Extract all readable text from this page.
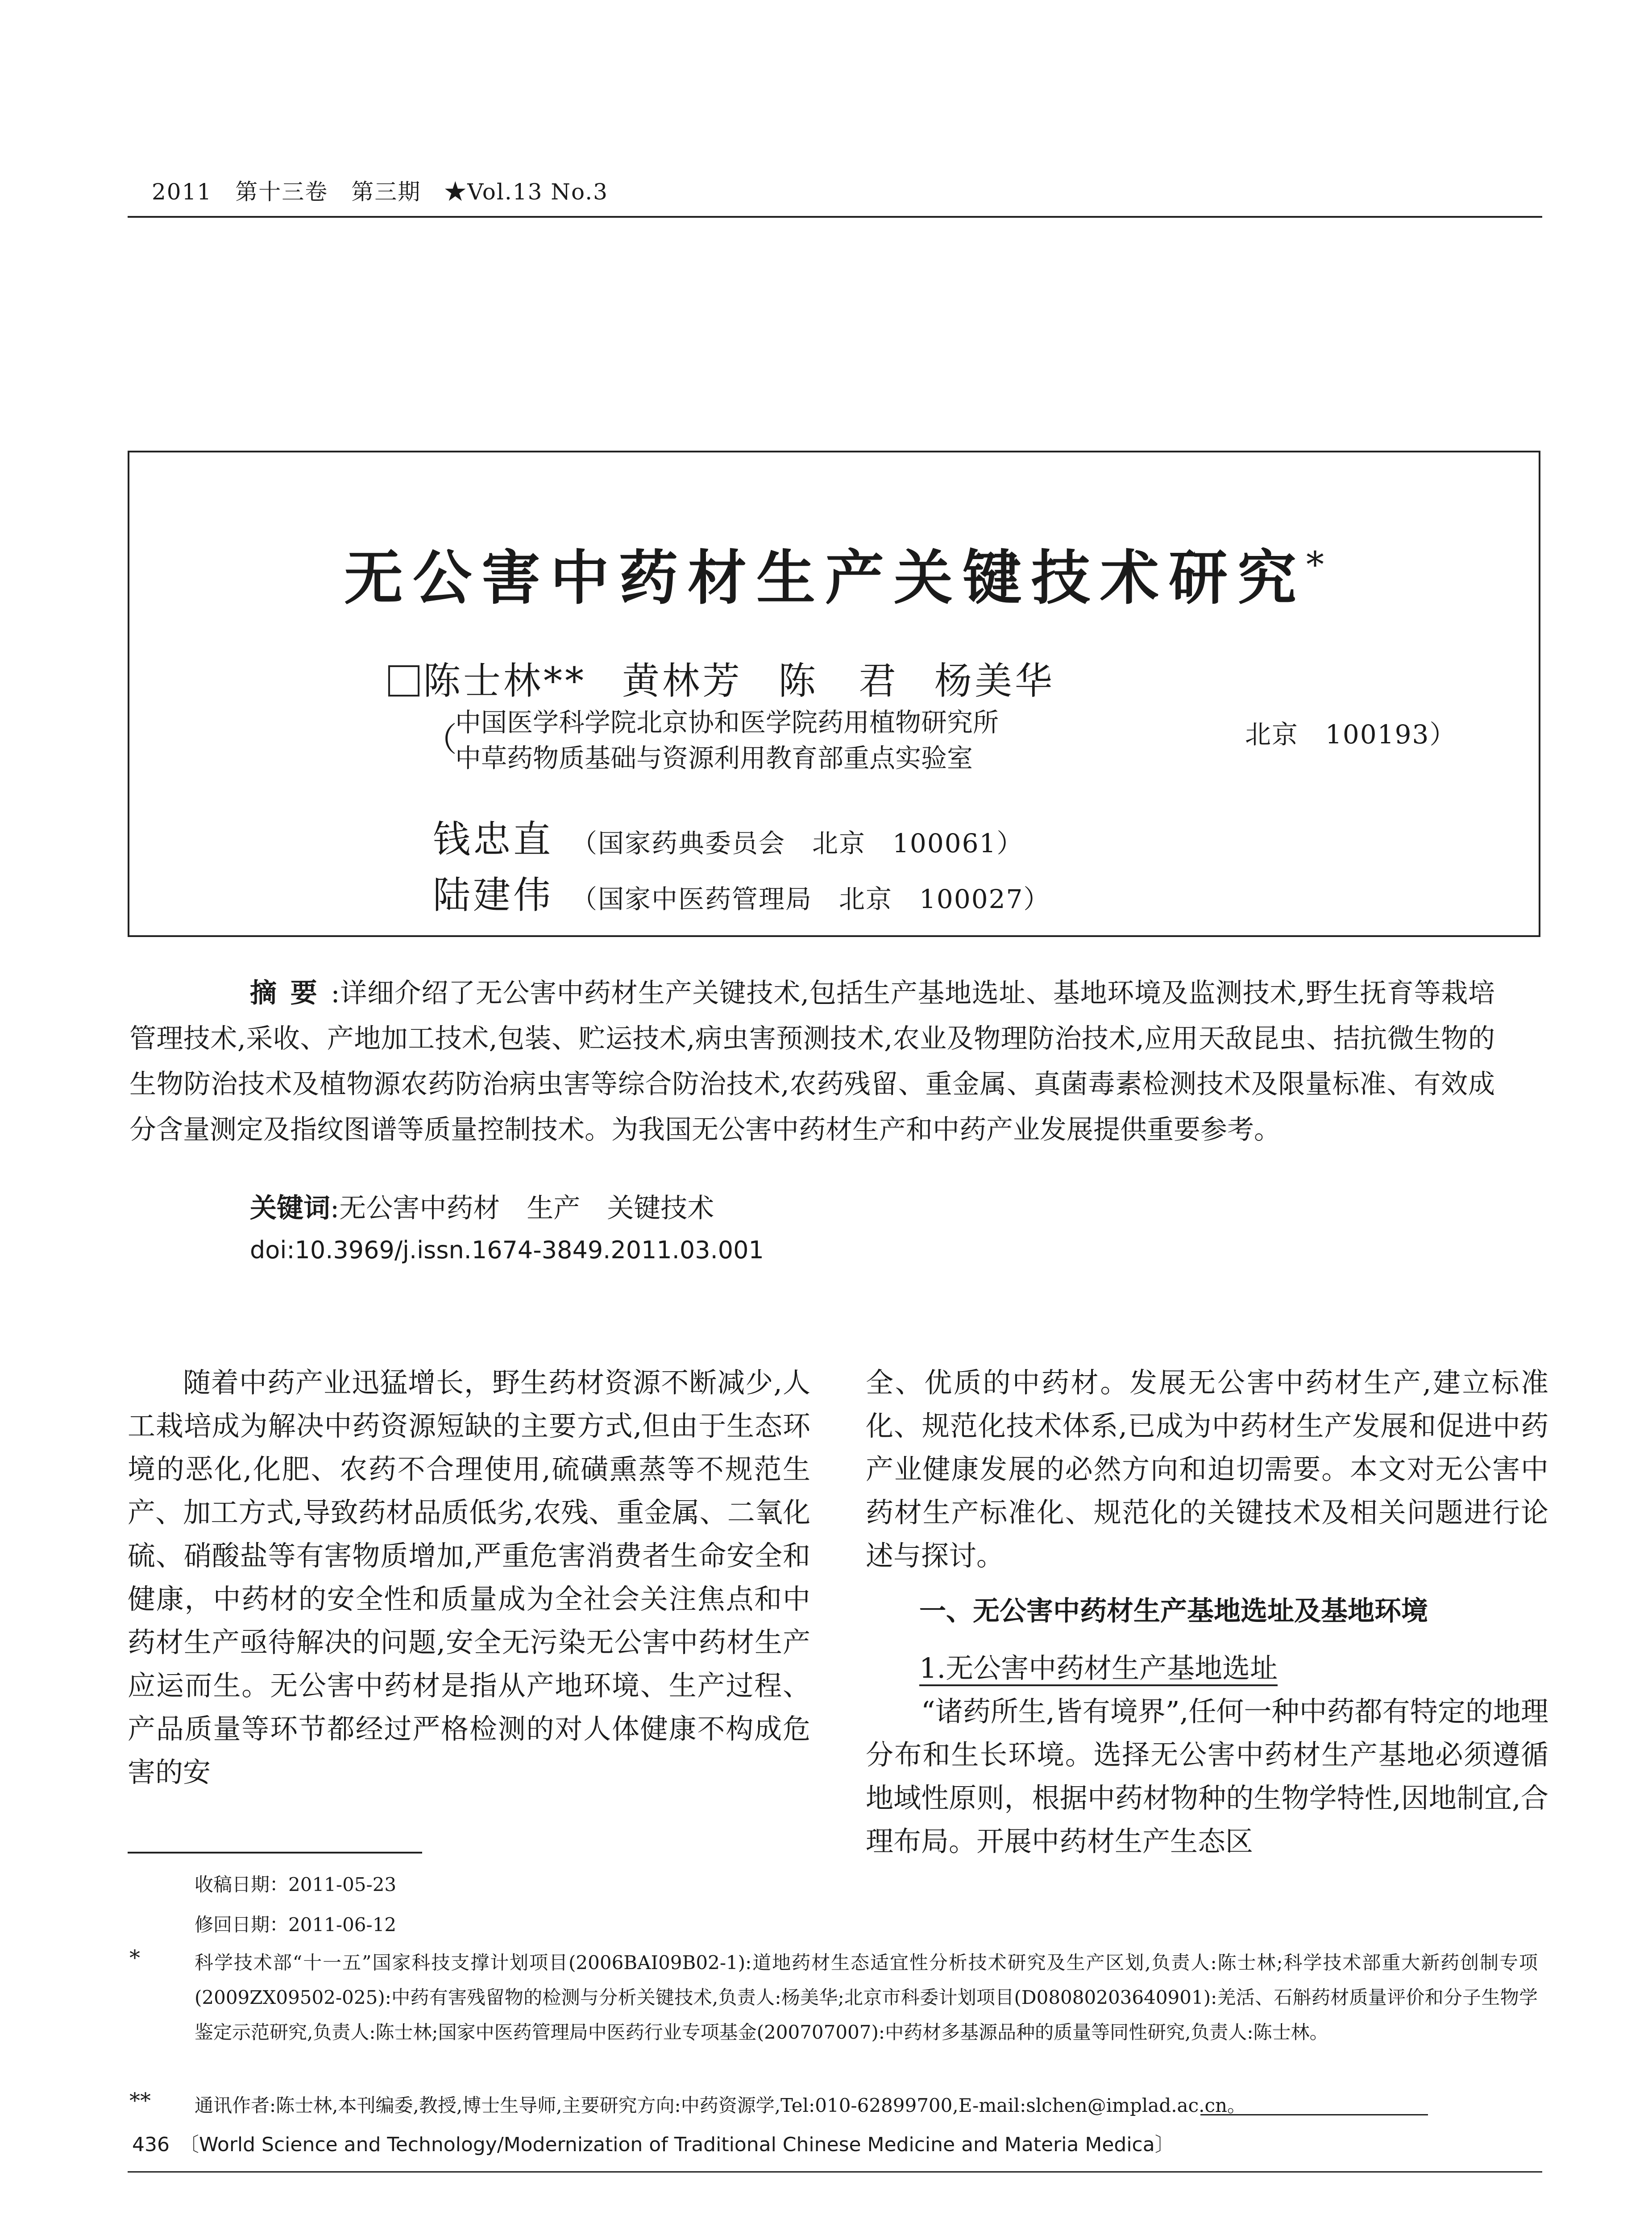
2011　第十三卷　第三期　★Vol.13 No.3
无公害中药材生产关键技术研究*
陈士林** 黄林芳 陈　君 杨美华
（
中国医学科学院北京协和医学院药用植物研究所
中草药物质基础与资源利用教育部重点实验室
北京　100193）
钱忠直 （国家药典委员会　北京　100061）
陆建伟 （国家中医药管理局　北京　100027）
摘要:详细介绍了无公害中药材生产关键技术,包括生产基地选址、基地环境及监测技术,野生抚育等栽培管理技术,采收、产地加工技术,包装、贮运技术,病虫害预测技术,农业及物理防治技术,应用天敌昆虫、拮抗微生物的生物防治技术及植物源农药防治病虫害等综合防治技术,农药残留、重金属、真菌毒素检测技术及限量标准、有效成分含量测定及指纹图谱等质量控制技术。为我国无公害中药材生产和中药产业发展提供重要参考。
关键词:无公害中药材　生产　关键技术
doi:10.3969/j.issn.1674-3849.2011.03.001

随着中药产业迅猛增长，野生药材资源不断减少,人工栽培成为解决中药资源短缺的主要方式,但由于生态环境的恶化,化肥、农药不合理使用,硫磺熏蒸等不规范生产、加工方式,导致药材品质低劣,农残、重金属、二氧化硫、硝酸盐等有害物质增加,严重危害消费者生命安全和健康，中药材的安全性和质量成为全社会关注焦点和中药材生产亟待解决的问题,安全无污染无公害中药材生产应运而生。无公害中药材是指从产地环境、生产过程、产品质量等环节都经过严格检测的对人体健康不构成危害的安

全、优质的中药材。发展无公害中药材生产,建立标准化、规范化技术体系,已成为中药材生产发展和促进中药产业健康发展的必然方向和迫切需要。本文对无公害中药材生产标准化、规范化的关键技术及相关问题进行论述与探讨。

一、无公害中药材生产基地选址及基地环境

1.无公害中药材生产基地选址

“诸药所生,皆有境界”,任何一种中药都有特定的地理分布和生长环境。选择无公害中药材生产基地必须遵循地域性原则，根据中药材物种的生物学特性,因地制宜,合理布局。开展中药材生产生态区

收稿日期：2011-05-23
修回日期：2011-06-12
*	科学技术部“十一五”国家科技支撑计划项目(2006BAI09B02-1):道地药材生态适宜性分析技术研究及生产区划,负责人:陈士林;科学技术部重大新药创制专项(2009ZX09502-025):中药有害残留物的检测与分析关键技术,负责人:杨美华;北京市科委计划项目(D08080203640901):羌活、石斛药材质量评价和分子生物学鉴定示范研究,负责人:陈士林;国家中医药管理局中医药行业专项基金(200707007):中药材多基源品种的质量等同性研究,负责人:陈士林。
** 通讯作者:陈士林,本刊编委,教授,博士生导师,主要研究方向:中药资源学,Tel:010-62899700,E-mail:slchen@implad.ac.cn。
436　〔World Science and Technology/Modernization of Traditional Chinese Medicine and Materia Medica〕
